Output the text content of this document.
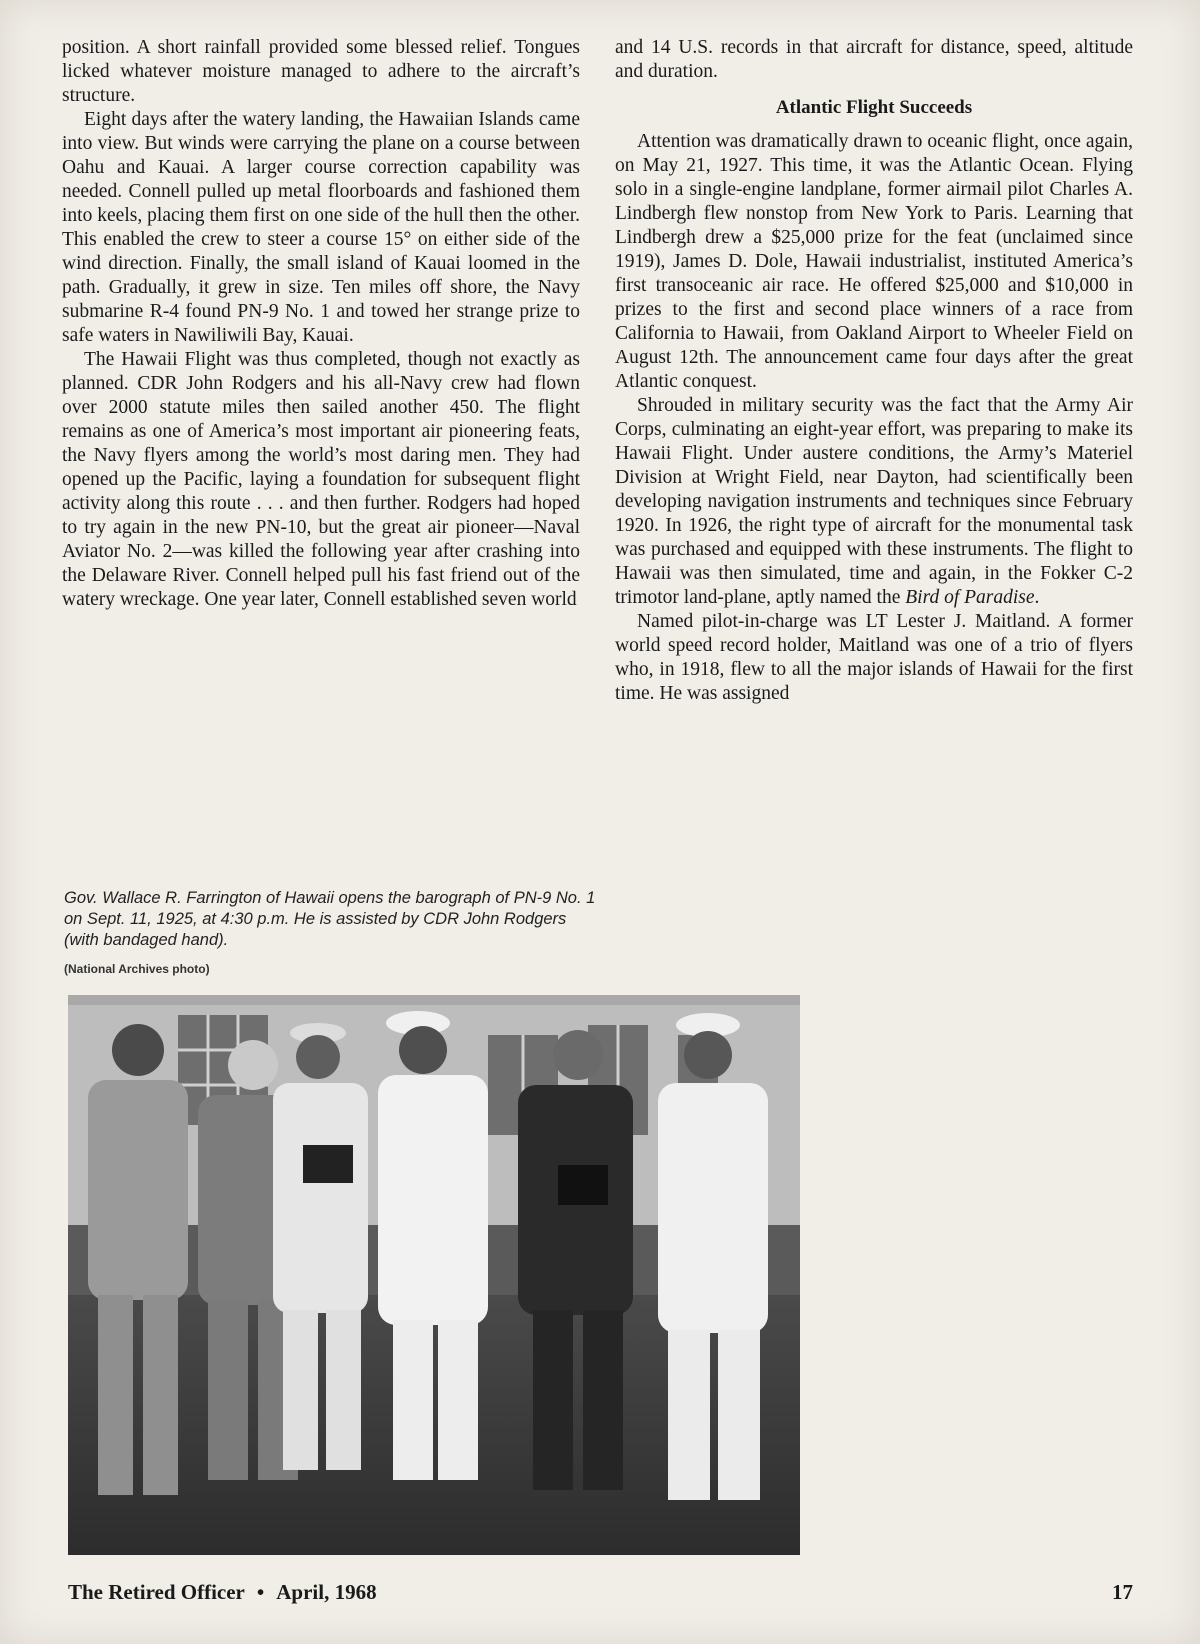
position. A short rainfall provided some blessed relief. Tongues licked whatever moisture managed to adhere to the aircraft’s structure.

Eight days after the watery landing, the Hawaiian Islands came into view. But winds were carrying the plane on a course between Oahu and Kauai. A larger course correction capability was needed. Connell pulled up metal floorboards and fashioned them into keels, placing them first on one side of the hull then the other. This enabled the crew to steer a course 15° on either side of the wind direction. Finally, the small island of Kauai loomed in the path. Gradually, it grew in size. Ten miles off shore, the Navy submarine R-4 found PN-9 No. 1 and towed her strange prize to safe waters in Nawiliwili Bay, Kauai.

The Hawaii Flight was thus completed, though not exactly as planned. CDR John Rodgers and his all-Navy crew had flown over 2000 statute miles then sailed another 450. The flight remains as one of America’s most important air pioneering feats, the Navy flyers among the world’s most daring men. They had opened up the Pacific, laying a foundation for subsequent flight activity along this route . . . and then further. Rodgers had hoped to try again in the new PN-10, but the great air pioneer—Naval Aviator No. 2—was killed the following year after crashing into the Delaware River. Connell helped pull his fast friend out of the watery wreckage. One year later, Connell established seven world

and 14 U.S. records in that aircraft for distance, speed, altitude and duration.

Atlantic Flight Succeeds

Attention was dramatically drawn to oceanic flight, once again, on May 21, 1927. This time, it was the Atlantic Ocean. Flying solo in a single-engine landplane, former airmail pilot Charles A. Lindbergh flew nonstop from New York to Paris. Learning that Lindbergh drew a $25,000 prize for the feat (unclaimed since 1919), James D. Dole, Hawaii industrialist, instituted America’s first transoceanic air race. He offered $25,000 and $10,000 in prizes to the first and second place winners of a race from California to Hawaii, from Oakland Airport to Wheeler Field on August 12th. The announcement came four days after the great Atlantic conquest.

Shrouded in military security was the fact that the Army Air Corps, culminating an eight-year effort, was preparing to make its Hawaii Flight. Under austere conditions, the Army’s Materiel Division at Wright Field, near Dayton, had scientifically been developing navigation instruments and techniques since February 1920. In 1926, the right type of aircraft for the monumental task was purchased and equipped with these instruments. The flight to Hawaii was then simulated, time and again, in the Fokker C-2 trimotor land-plane, aptly named the Bird of Paradise.

Named pilot-in-charge was LT Lester J. Maitland. A former world speed record holder, Maitland was one of a trio of flyers who, in 1918, flew to all the major islands of Hawaii for the first time. He was assigned

Gov. Wallace R. Farrington of Hawaii opens the barograph of PN-9 No. 1 on Sept. 11, 1925, at 4:30 p.m. He is assisted by CDR John Rodgers (with bandaged hand).
(National Archives photo)
The Retired Officer • April, 1968	17
